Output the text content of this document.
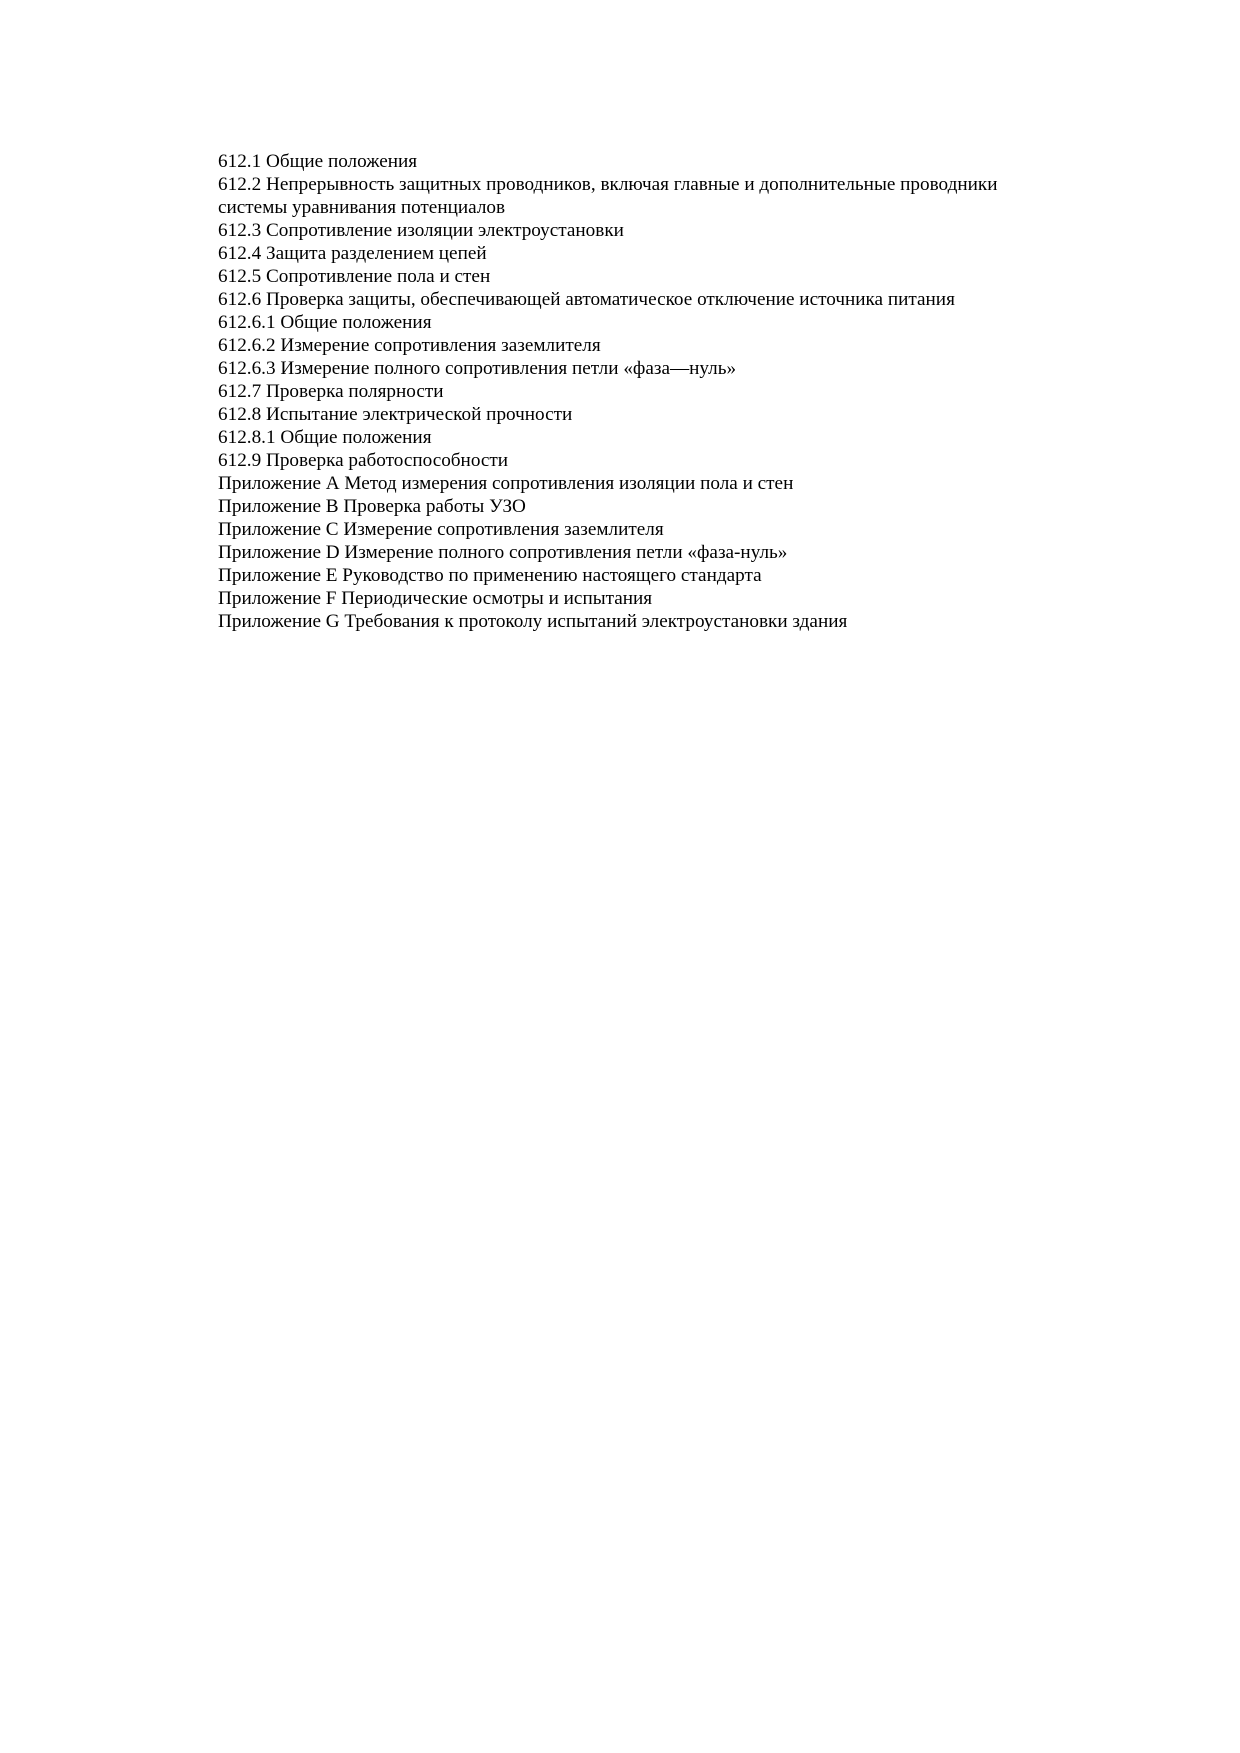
612.1 Общие положения

612.2 Непрерывность защитных проводников, включая главные и дополнительные проводники

системы уравнивания потенциалов

612.3 Сопротивление изоляции электроустановки

612.4 Защита разделением цепей

612.5 Сопротивление пола и стен

612.6 Проверка защиты, обеспечивающей автоматическое отключение источника питания

612.6.1 Общие положения

612.6.2 Измерение сопротивления заземлителя

612.6.3 Измерение полного сопротивления петли «фаза—нуль»

612.7 Проверка полярности

612.8 Испытание электрической прочности

612.8.1 Общие положения

612.9 Проверка работоспособности

Приложение А Метод измерения сопротивления изоляции пола и стен

Приложение В Проверка работы УЗО

Приложение С Измерение сопротивления заземлителя

Приложение D Измерение полного сопротивления петли «фаза-нуль»

Приложение Е Руководство по применению настоящего стандарта

Приложение F Периодические осмотры и испытания

Приложение G Требования к протоколу испытаний электроустановки здания
